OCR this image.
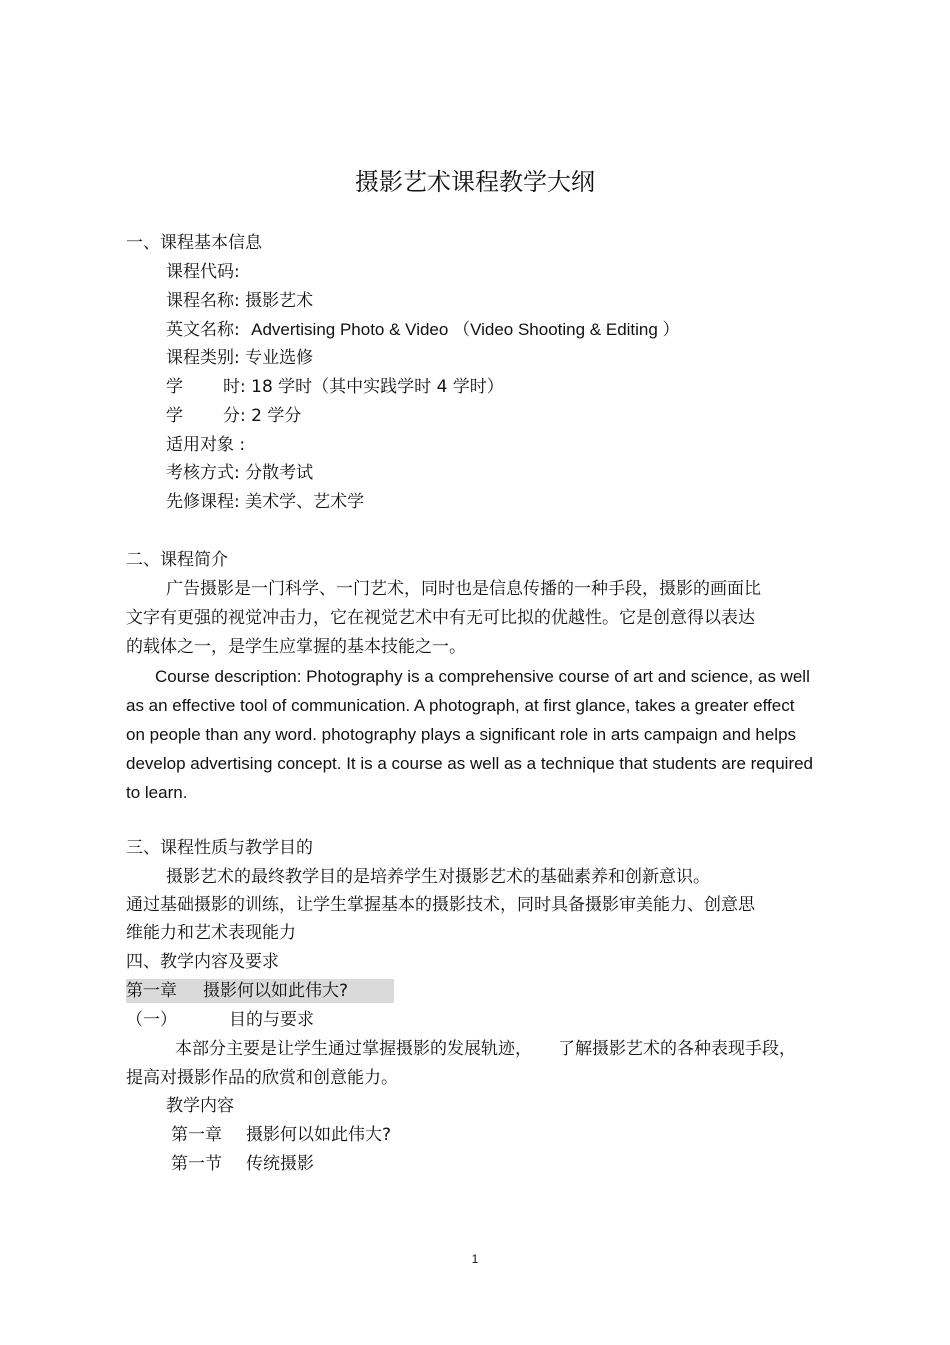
摄影艺术课程教学大纲
一、课程基本信息
课程代码:
课程名称: 摄影艺术
英文名称: Advertising Photo & Video （Video Shooting & Editing ）
课程类别: 专业选修
学 时: 18 学时（其中实践学时 4 学时）
学 分: 2 学分
适用对象 :
考核方式: 分散考试
先修课程: 美术学、艺术学
二、课程简介
广告摄影是一门科学、一门艺术，同时也是信息传播的一种手段，摄影的画面比
文字有更强的视觉冲击力，它在视觉艺术中有无可比拟的优越性。它是创意得以表达
的载体之一，是学生应掌握的基本技能之一。
Course description: Photography is a comprehensive course of art and science, as well
as an effective tool of communication. A photograph, at first glance, takes a greater effect
on people than any word. photography plays a significant role in arts campaign and helps
develop advertising concept. It is a course as well as a technique that students are required
to learn.
三、课程性质与教学目的
摄影艺术的最终教学目的是培养学生对摄影艺术的基础素养和创新意识。
通过基础摄影的训练，让学生掌握基本的摄影技术，同时具备摄影审美能力、创意思
维能力和艺术表现能力
四、教学内容及要求
第一章 摄影何以如此伟大?
（一）	目的与要求
本部分主要是让学生通过掌握摄影的发展轨迹， 了解摄影艺术的各种表现手段，
提高对摄影作品的欣赏和创意能力。
教学内容
第一章 摄影何以如此伟大?
第一节 传统摄影
1
